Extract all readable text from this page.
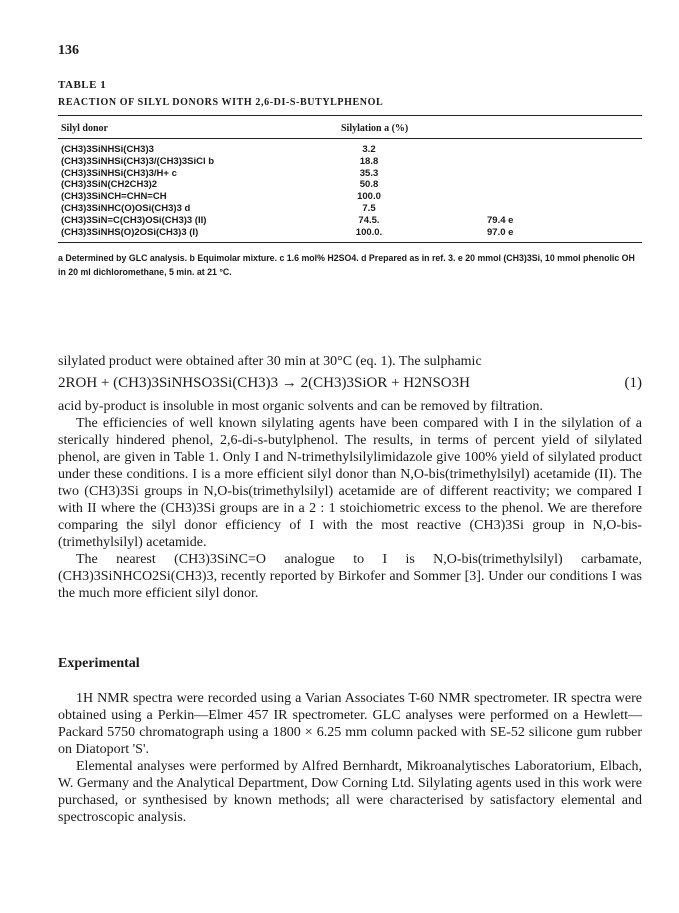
136
TABLE 1
REACTION OF SILYL DONORS WITH 2,6-DI-S-BUTYLPHENOL
Silyl donor	Silylation a (%)
(CH3)3SiNHSi(CH3)3	3.2
(CH3)3SiNHSi(CH3)3/(CH3)3SiCl b	18.8
(CH3)3SiNHSi(CH3)3/H+ c	35.3
(CH3)3SiN(CH2CH3)2	50.8
(CH3)3SiNCH=CHN=CH	100.0
(CH3)3SiNHC(O)OSi(CH3)3 d	7.5
(CH3)3SiN=C(CH3)OSi(CH3)3 (II)	74.5.	79.4 e
(CH3)3SiNHS(O)2OSi(CH3)3 (I)	100.0.	97.0 e
a Determined by GLC analysis. b Equimolar mixture. c 1.6 mol% H2SO4. d Prepared as in ref. 3. e 20 mmol (CH3)3Si, 10 mmol phenolic OH in 20 ml dichloromethane, 5 min. at 21 °C.

silylated product were obtained after 30 min at 30°C (eq. 1). The sulphamic

2ROH + (CH3)3SiNHSO3Si(CH3)3 → 2(CH3)3SiOR + H2NSO3H	(1)

acid by-product is insoluble in most organic solvents and can be removed by filtration.

The efficiencies of well known silylating agents have been compared with I in the silylation of a sterically hindered phenol, 2,6-di-s-butylphenol. The results, in terms of percent yield of silylated phenol, are given in Table 1. Only I and N-trimethylsilylimidazole give 100% yield of silylated product under these conditions. I is a more efficient silyl donor than N,O-bis(trimethylsilyl) acetamide (II). The two (CH3)3Si groups in N,O-bis(trimethylsilyl) acetamide are of different reactivity; we compared I with II where the (CH3)3Si groups are in a 2 : 1 stoichiometric excess to the phenol. We are therefore comparing the silyl donor efficiency of I with the most reactive (CH3)3Si group in N,O-bis-(trimethylsilyl) acetamide.

The nearest (CH3)3SiNC=O analogue to I is N,O-bis(trimethylsilyl) carbamate, (CH3)3SiNHCO2Si(CH3)3, recently reported by Birkofer and Sommer [3]. Under our conditions I was the much more efficient silyl donor.

Experimental

1H NMR spectra were recorded using a Varian Associates T-60 NMR spectrometer. IR spectra were obtained using a Perkin—Elmer 457 IR spectrometer. GLC analyses were performed on a Hewlett—Packard 5750 chromatograph using a 1800 × 6.25 mm column packed with SE-52 silicone gum rubber on Diatoport 'S'.

Elemental analyses were performed by Alfred Bernhardt, Mikroanalytisches Laboratorium, Elbach, W. Germany and the Analytical Department, Dow Corning Ltd. Silylating agents used in this work were purchased, or synthesised by known methods; all were characterised by satisfactory elemental and spectroscopic analysis.
